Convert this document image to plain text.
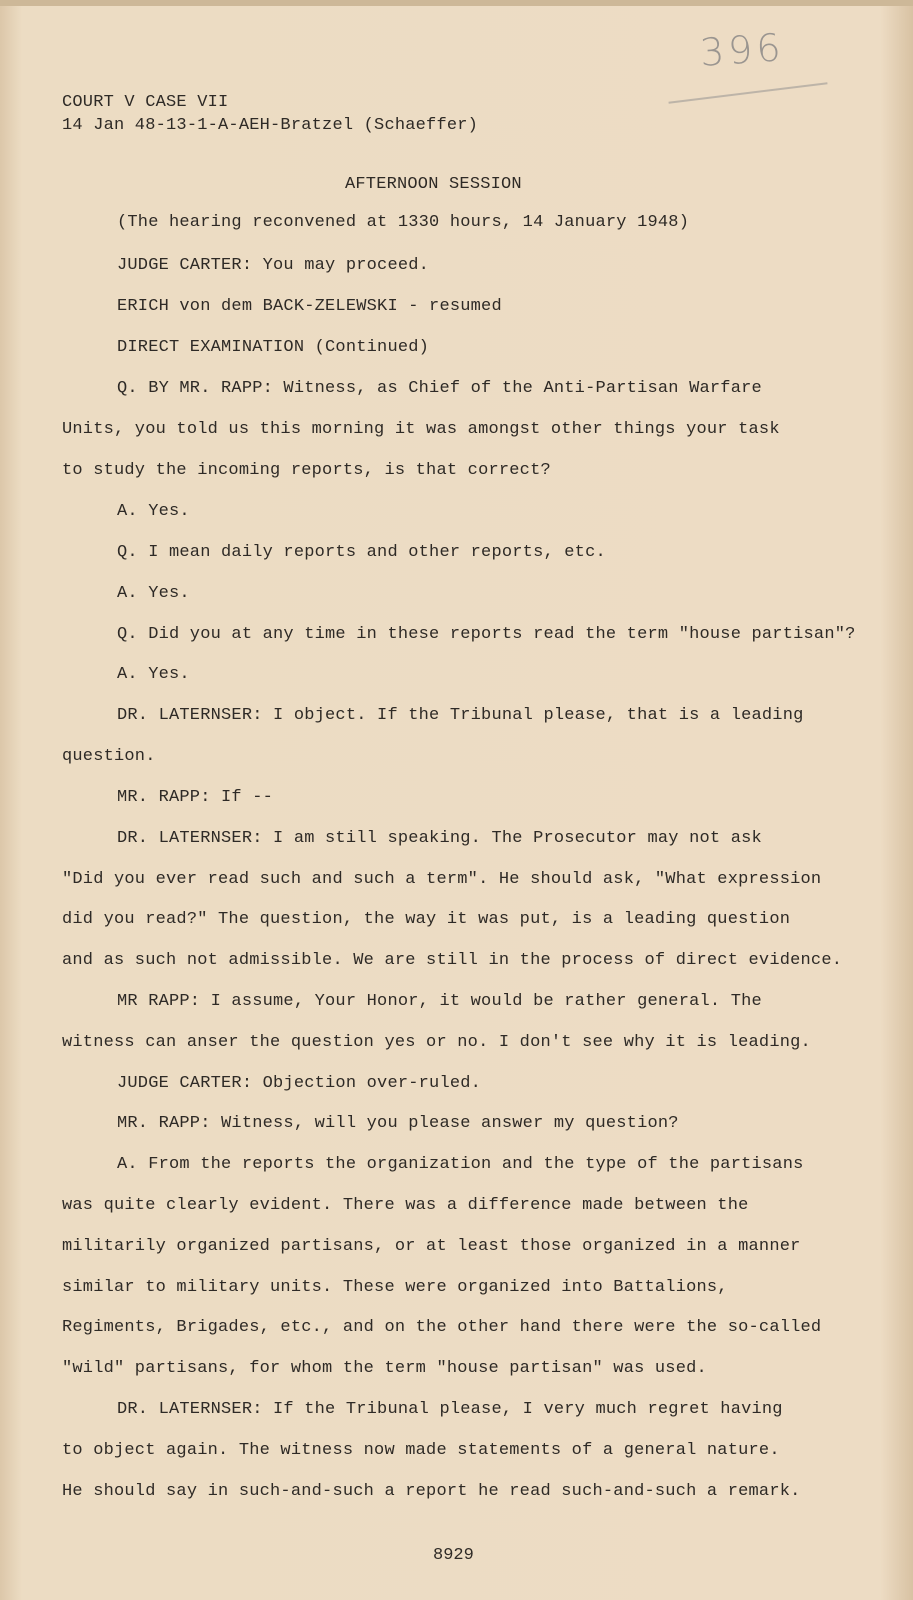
396
COURT V CASE VII
14 Jan 48-13-1-A-AEH-Bratzel (Schaeffer)
AFTERNOON SESSION
(The hearing reconvened at 1330 hours, 14 January 1948)
JUDGE CARTER: You may proceed.
ERICH von dem BACK-ZELEWSKI - resumed
DIRECT EXAMINATION (Continued)
Q. BY MR. RAPP: Witness, as Chief of the Anti-Partisan Warfare
Units, you told us this morning it was amongst other things your task
to study the incoming reports, is that correct?
A. Yes.
Q. I mean daily reports and other reports, etc.
A. Yes.
Q. Did you at any time in these reports read the term "house partisan"?
A. Yes.
DR. LATERNSER: I object. If the Tribunal please, that is a leading
question.
MR. RAPP: If --
DR. LATERNSER: I am still speaking. The Prosecutor may not ask
"Did you ever read such and such a term". He should ask, "What expression
did you read?" The question, the way it was put, is a leading question
and as such not admissible. We are still in the process of direct evidence.
MR RAPP: I assume, Your Honor, it would be rather general. The
witness can anser the question yes or no. I don't see why it is leading.
JUDGE CARTER: Objection over-ruled.
MR. RAPP: Witness, will you please answer my question?
A. From the reports the organization and the type of the partisans
was quite clearly evident. There was a difference made between the
militarily organized partisans, or at least those organized in a manner
similar to military units. These were organized into Battalions,
Regiments, Brigades, etc., and on the other hand there were the so-called
"wild" partisans, for whom the term "house partisan" was used.
DR. LATERNSER: If the Tribunal please, I very much regret having
to object again. The witness now made statements of a general nature.
He should say in such-and-such a report he read such-and-such a remark.
8929
